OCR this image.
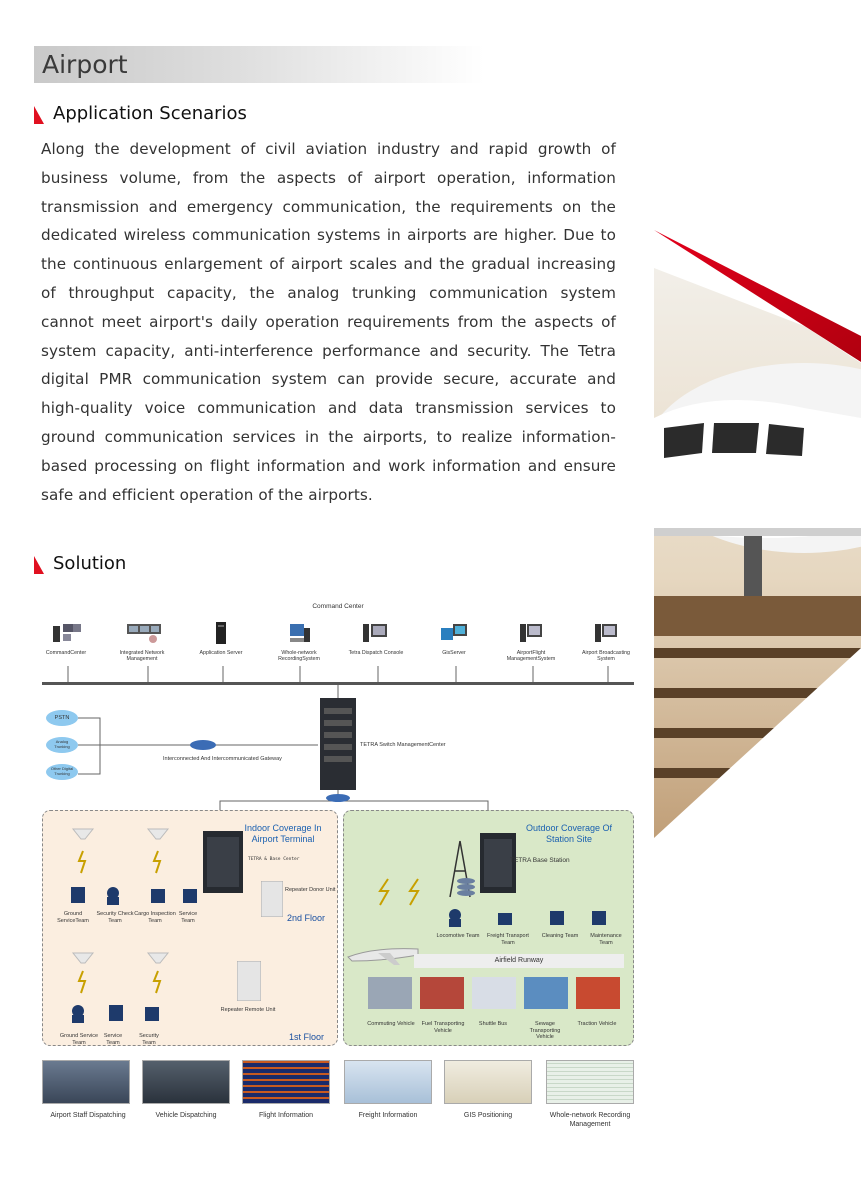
Airport
Application Scenarios
Along the development of civil aviation industry and rapid growth of business volume, from the aspects of airport operation, information transmission and emergency communication, the requirements on the dedicated wireless communication systems in airports are higher. Due to the continuous enlargement of airport scales and the gradual increasing of throughput capacity, the analog trunking communication system cannot meet airport's daily operation requirements from the aspects of system capacity, anti-interference performance and security. The Tetra digital PMR communication system can provide secure, accurate and high-quality voice communication and data transmission services to ground communication services in the airports, to realize information-based processing on flight information and work information and ensure safe and efficient operation of the airports.
Solution
Command Center
CommandCenter	Integrated Network Management
Application Server	Whole-network RecordingSystem
Tetra Dispatch Console	GisServer	AirportFlight ManagementSystem
Airport Broadcasting System
PSTN
Analog Trunking
Other Digital Trunking
Interconnected And Intercommunicated Gateway
TETRA Switch ManagementCenter
Indoor Coverage In Airport Terminal
TETRA & Base Center
Repeater Donor Unit
2nd Floor
Ground ServiceTeam
Security Check Team
Cargo Inspection Team
Service Team
Repeater Remote Unit
Ground Service Team
Service Team
Security Team
1st Floor
Outdoor Coverage Of Station Site
TETRA Base Station
Locomotive Team Freight Transport Team
Cleaning Team	Maintenance Team
Airfield Runway
Commuting Vehicle Fuel Transporting Vehicle
Shuttle Bus	Sewage Transporting Vehicle
Traction Vehicle
Airport Staff Dispatching	Vehicle Dispatching	Flight Information	Freight Information	GIS Positioning	Whole-network Recording Management
